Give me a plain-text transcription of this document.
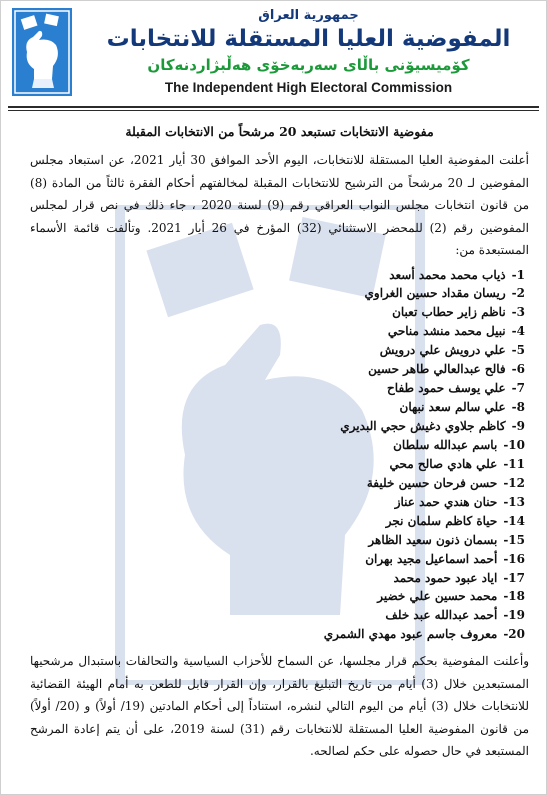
جمهورية العراق
المفوضية العليا المستقلة للانتخابات
كۆمیسیۆنی باڵای سەربەخۆی هەڵبژاردنەكان
The Independent High Electoral Commission
مفوضية الانتخابات تستبعد 20 مرشحاً من الانتخابات المقبلة

أعلنت المفوضية العليا المستقلة للانتخابات، اليوم الأحد الموافق 30 أيار 2021، عن استبعاد مجلس المفوضين لـ 20 مرشحاً من الترشيح للانتخابات المقبلة لمخالفتهم أحكام الفقرة ثالثاً من المادة (8) من قانون انتخابات مجلس النواب العراقي رقم (9) لسنة 2020 ، جاء ذلك في نص قرار لمجلس المفوضين رقم (2) للمحضر الاستثنائي (32) المؤرخ في 26 أيار 2021. وتألفت قائمة الأسماء المستبعدة من:

1-ذياب محمد محمد أسعد
2-ريسان مقداد حسين الغراوي
3-ناظم زاير حطاب تعبان
4-نبيل محمد منشد مناحي
5-علي درويش علي درويش
6-فالح عبدالعالي طاهر حسين
7-علي يوسف حمود طفاح
8-علي سالم سعد نبهان
9-كاظم جلاوي دغيش حجي البديري
10-باسم عبدالله سلطان
11-علي هادي صالح محي
12-حسن فرحان حسين خليفة
13-حنان هندي حمد عناز
14-حياة كاظم سلمان نجر
15-بسمان ذنون سعيد الظاهر
16-أحمد اسماعيل مجيد بهران
17-اياد عبود حمود محمد
18-محمد حسين علي خضير
19-أحمد عبدالله عبد خلف
20-معروف جاسم عبود مهدي الشمري

وأعلنت المفوضية بحكم قرار مجلسها، عن السماح للأحزاب السياسية والتحالفات باستبدال مرشحيها المستبعدين خلال (3) أيام من تاريخ التبليغ بالقرار، وإن القرار قابل للطعن به أمام الهيئة القضائية للانتخابات خلال (3) أيام من اليوم التالي لنشره، استناداً إلى أحكام المادتين (19/ أولاً) و (20/ أولاً) من قانون المفوضية العليا المستقلة للانتخابات رقم (31) لسنة 2019، على أن يتم إعادة المرشح المستبعد في حال حصوله على حكم لصالحه.
